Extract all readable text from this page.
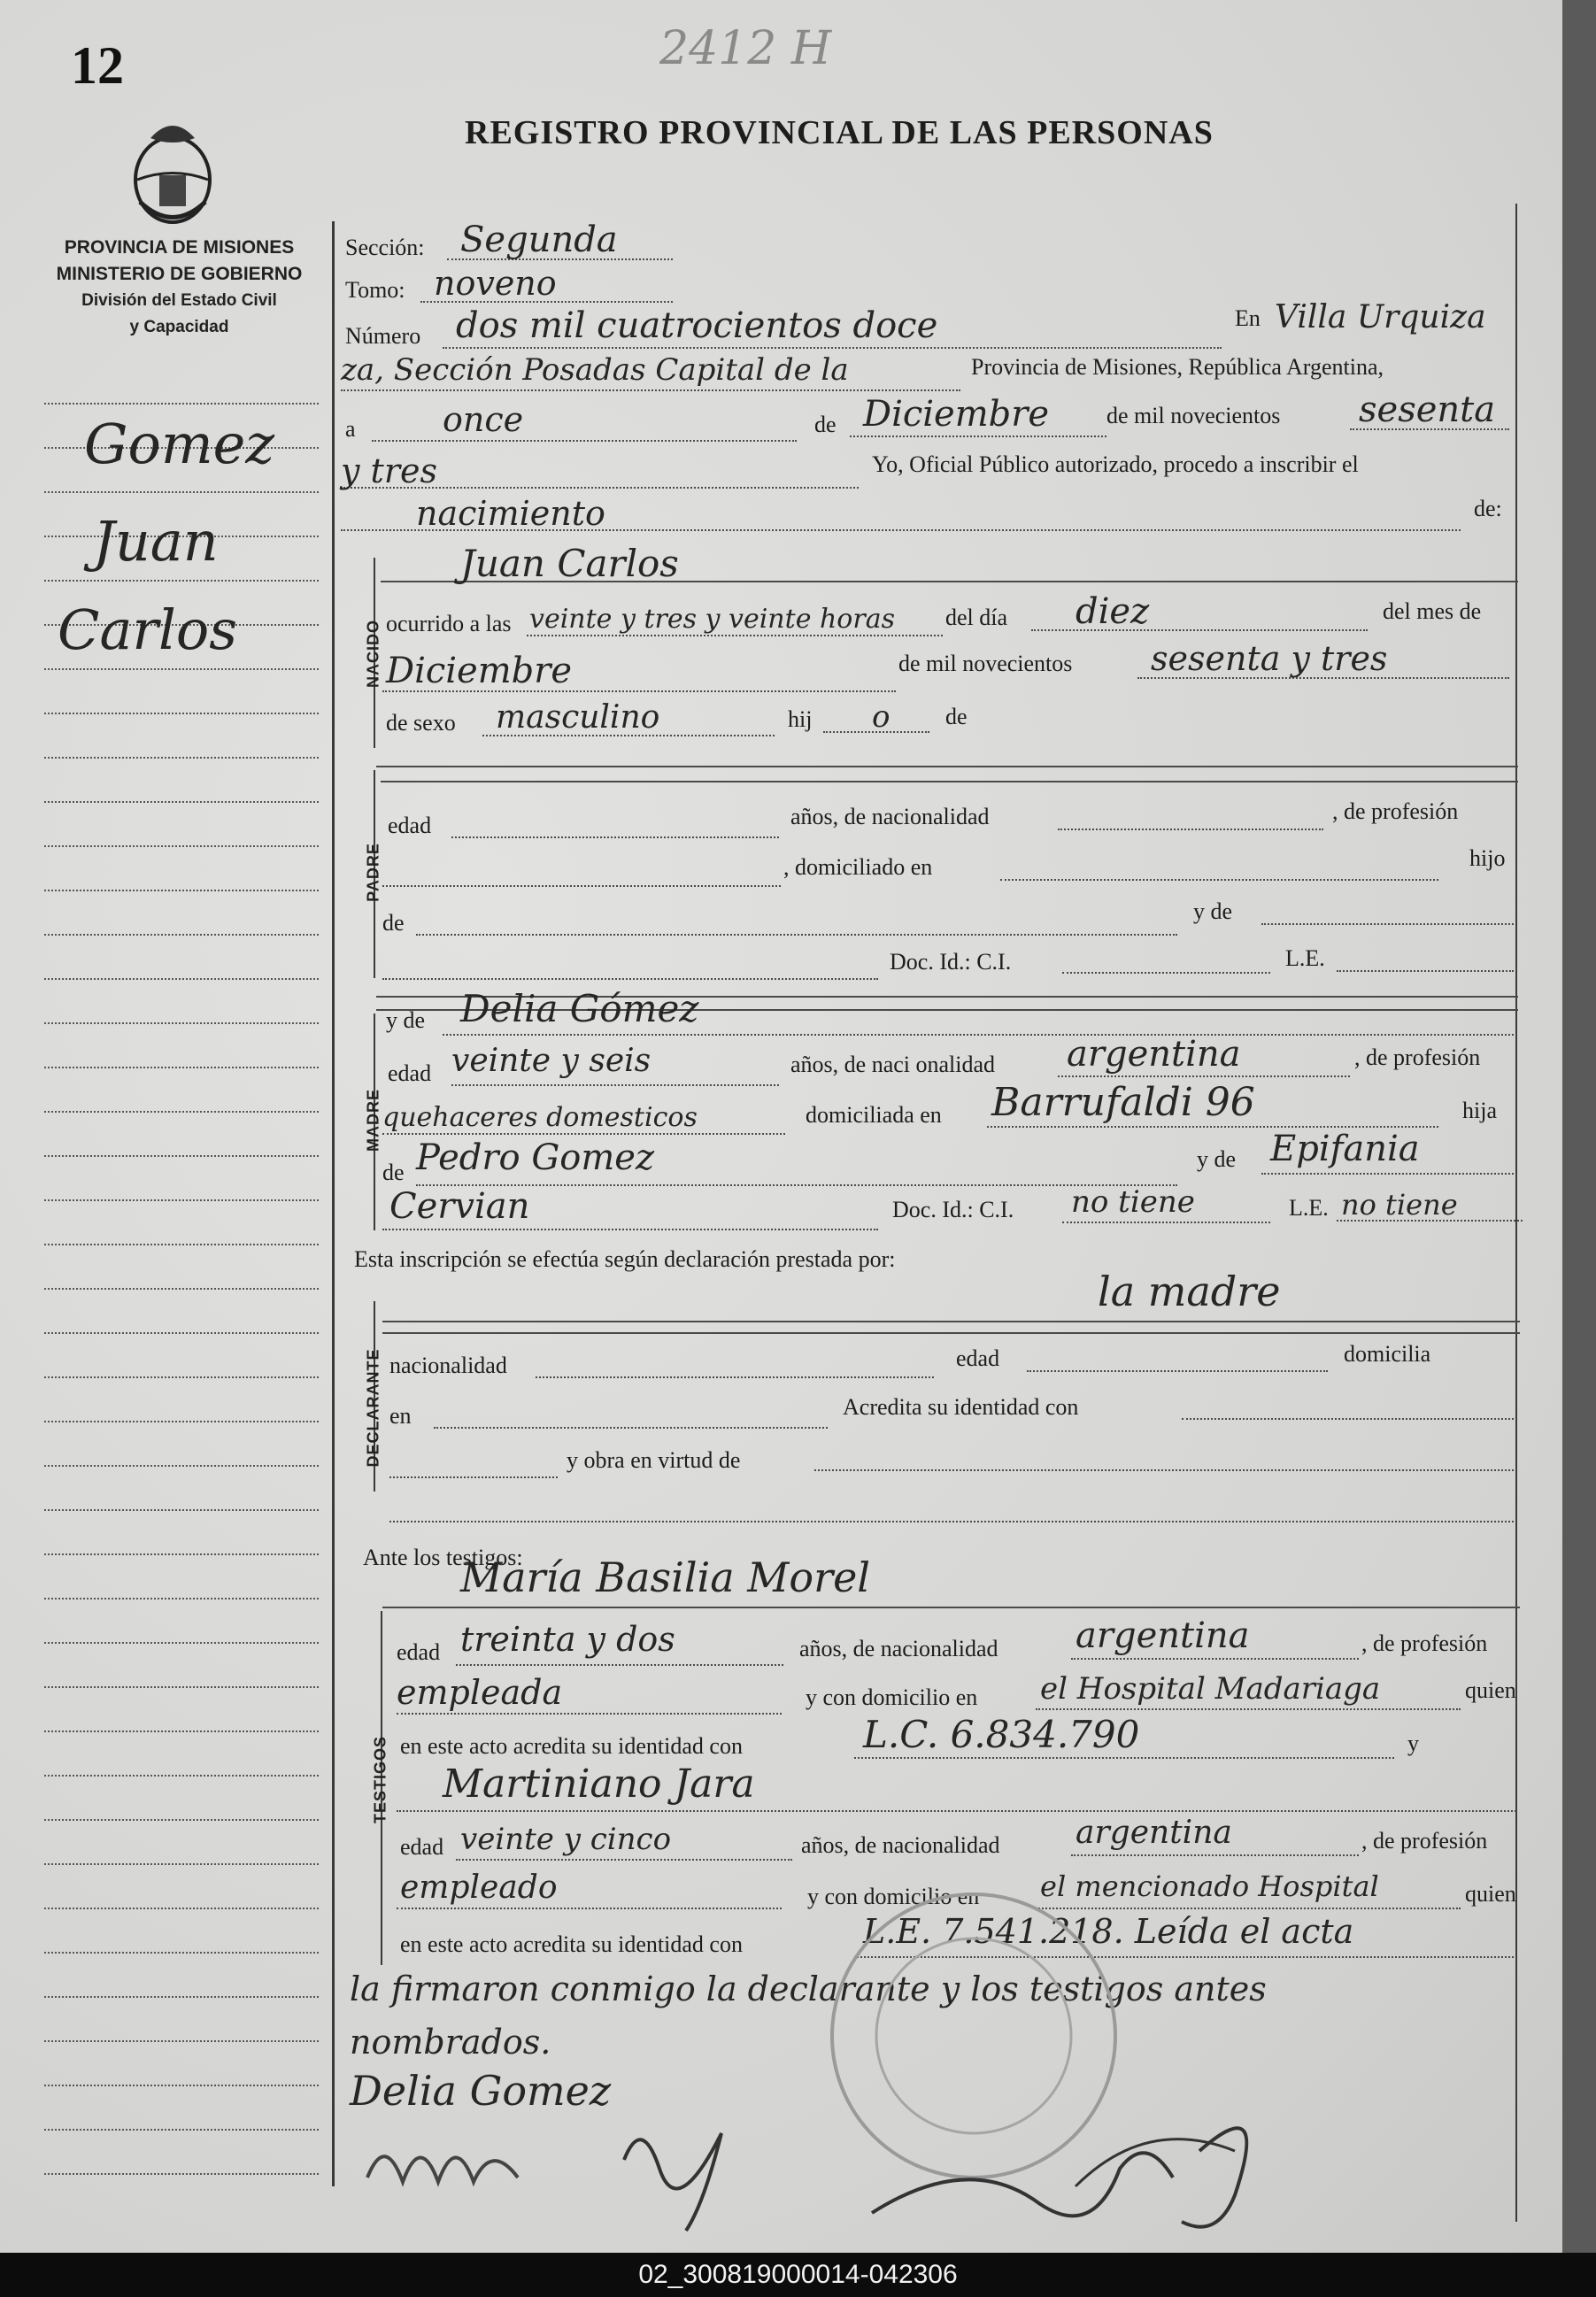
12	2412 H
REGISTRO PROVINCIAL DE LAS PERSONAS
PROVINCIA DE MISIONES
MINISTERIO DE GOBIERNO
División del Estado Civil
y Capacidad
Gomez
Juan
Carlos
Sección: Segunda
Tomo: noveno
Número dos mil cuatrocientos doce	En Villa Urquiza
za, Sección Posadas Capital de la	Provincia de Misiones, República Argentina,
a	once	de Diciembre de mil novecientos sesenta
y tres	Yo, Oficial Público autorizado, procedo a inscribir el
nacimiento	de:
NACIDO
Juan Carlos
ocurrido a las veinte y tres y veinte horas del día diez	del mes de
Diciembre	de mil novecientos sesenta y tres
de sexo masculino	hij o de
PADRE
edad	años, de nacionalidad	, de profesión
, domiciliado en	hijo
de	y de
Doc. Id.: C.I.	L.E.
MADRE
y de Delia Gómez
edad veinte y seis	años, de naci onalidad argentina	, de profesión
quehaceres domesticos	domiciliada en Barrufaldi 96	hija
de Pedro Gomez	y de Epifania
Cervian	Doc. Id.: C.I. no tiene	L.E. no tiene
Esta inscripción se efectúa según declaración prestada por:
la madre
DECLARANTE nacionalidad	edad	domicilia
en	Acredita su identidad con
y obra en virtud de
Ante los testigos:
María Basilia Morel
TESTIGOS
edad treinta y dos	años, de nacionalidad argentina	, de profesión
empleada	y con domicilio en el Hospital Madariaga	quien
en este acto acredita su identidad con	L.C. 6.834.790	y
Martiniano Jara
edad veinte y cinco	años, de nacionalidad argentina	, de profesión
empleado	y con domicilio en el mencionado Hospital	quien
en este acto acredita su identidad con	L.E. 7.541.218. Leída el acta
la firmaron conmigo la declarante y los testigos antes
nombrados.
Delia Gomez
02_300819000014-042306
